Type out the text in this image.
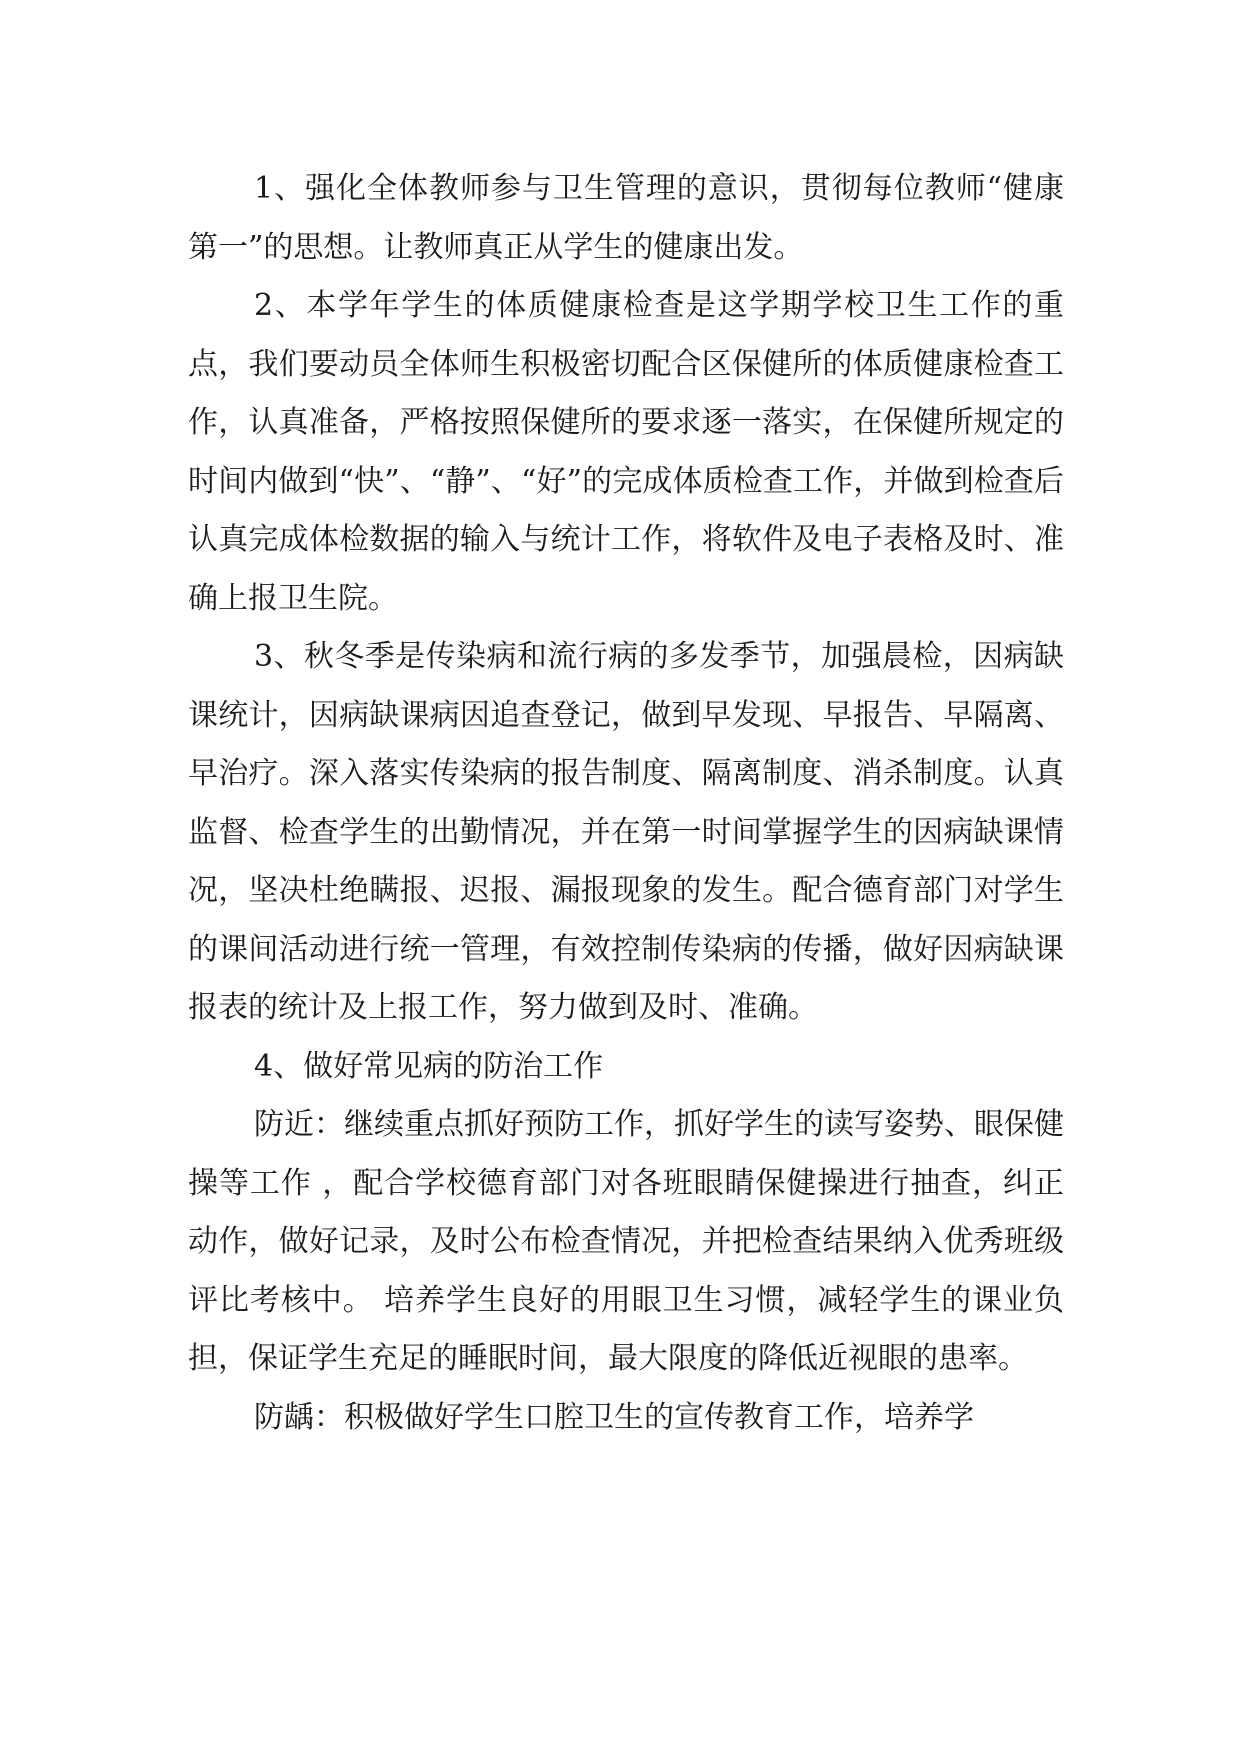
1、强化全体教师参与卫生管理的意识，贯彻每位教师“健康第一”的思想。让教师真正从学生的健康出发。

2、本学年学生的体质健康检查是这学期学校卫生工作的重点，我们要动员全体师生积极密切配合区保健所的体质健康检查工作，认真准备，严格按照保健所的要求逐一落实，在保健所规定的时间内做到“快”、“静”、“好”的完成体质检查工作，并做到检查后认真完成体检数据的输入与统计工作，将软件及电子表格及时、准确上报卫生院。

3、秋冬季是传染病和流行病的多发季节，加强晨检，因病缺课统计，因病缺课病因追查登记，做到早发现、早报告、早隔离、早治疗。深入落实传染病的报告制度、隔离制度、消杀制度。认真监督、检查学生的出勤情况，并在第一时间掌握学生的因病缺课情况，坚决杜绝瞒报、迟报、漏报现象的发生。配合德育部门对学生的课间活动进行统一管理，有效控制传染病的传播，做好因病缺课报表的统计及上报工作，努力做到及时、准确。

4、做好常见病的防治工作

防近：继续重点抓好预防工作，抓好学生的读写姿势、眼保健操等工作 ，配合学校德育部门对各班眼睛保健操进行抽查，纠正动作，做好记录，及时公布检查情况，并把检查结果纳入优秀班级评比考核中。 培养学生良好的用眼卫生习惯，减轻学生的课业负担，保证学生充足的睡眠时间，最大限度的降低近视眼的患率。

防龋：积极做好学生口腔卫生的宣传教育工作，培养学
